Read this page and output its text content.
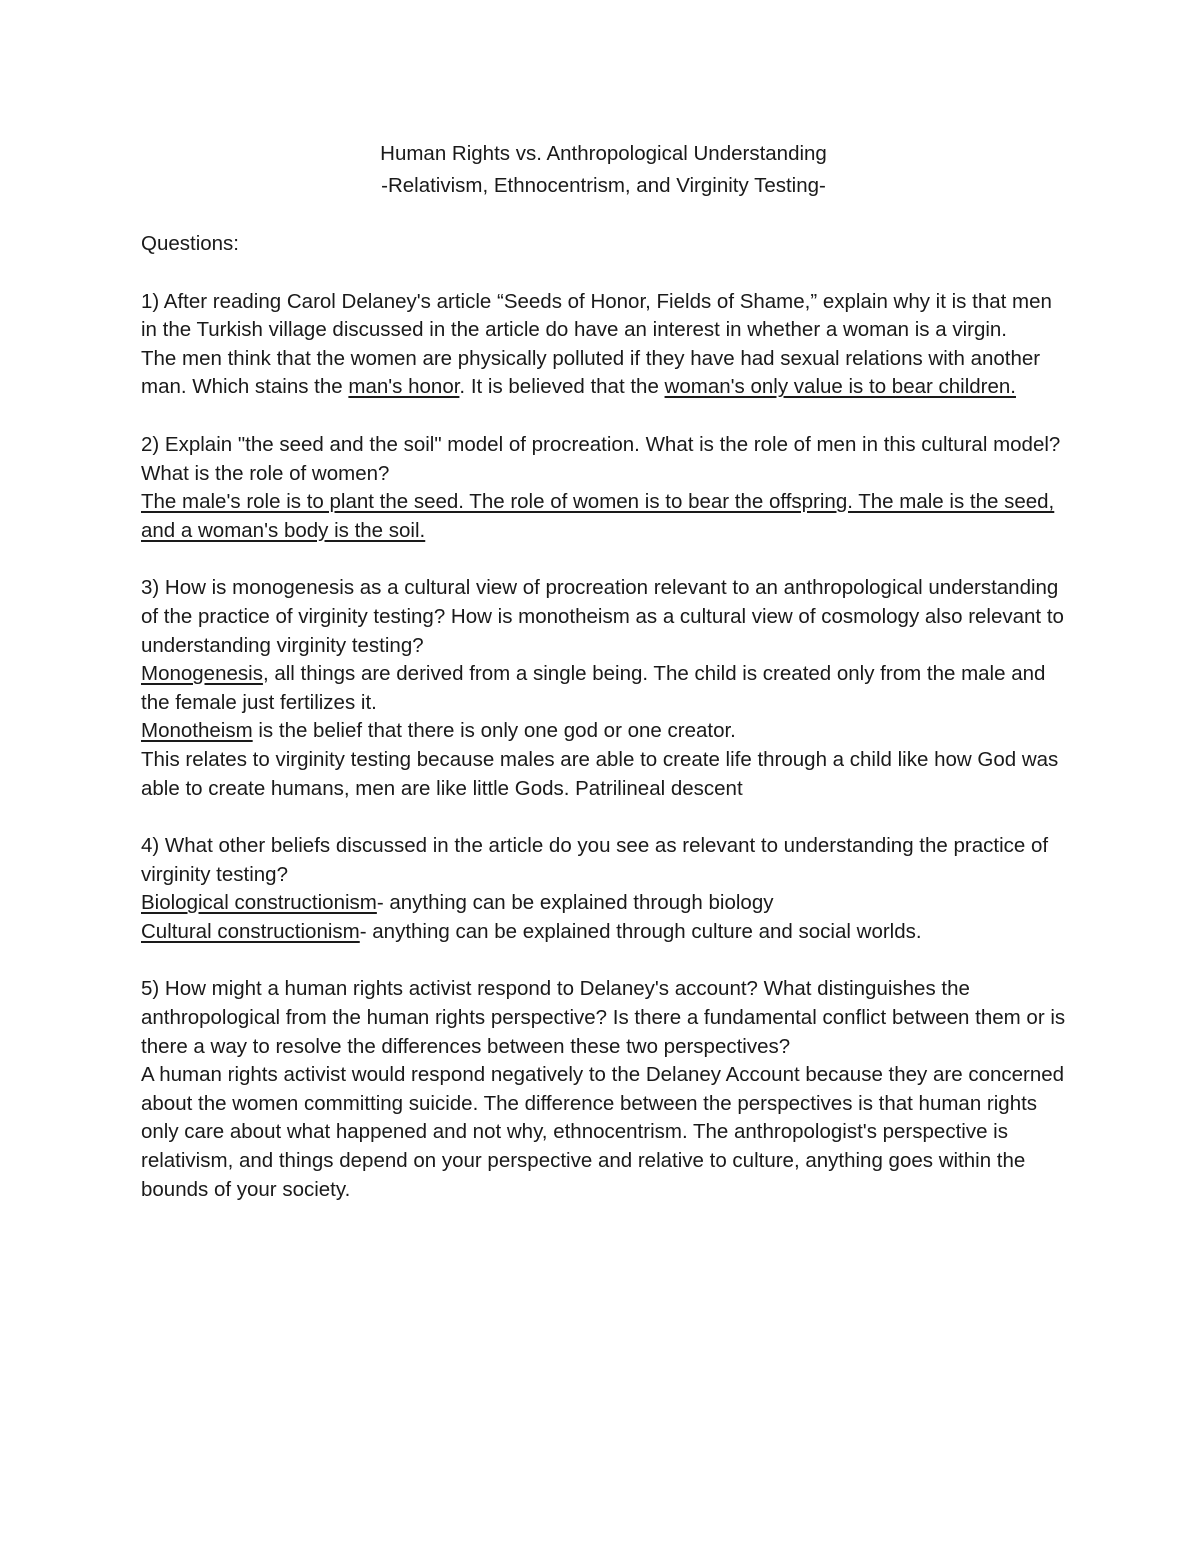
Human Rights vs. Anthropological Understanding

-Relativism, Ethnocentrism, and Virginity Testing-

Questions:

1) After reading Carol Delaney's article “Seeds of Honor, Fields of Shame,” explain why it is that men in the Turkish village discussed in the article do have an interest in whether a woman is a virgin.

The men think that the women are physically polluted if they have had sexual relations with another man. Which stains the man's honor. It is believed that the woman's only value is to bear children.

2) Explain "the seed and the soil" model of procreation. What is the role of men in this cultural model? What is the role of women?

The male's role is to plant the seed. The role of women is to bear the offspring. The male is the seed, and a woman's body is the soil.

3) How is monogenesis as a cultural view of procreation relevant to an anthropological understanding of the practice of virginity testing? How is monotheism as a cultural view of cosmology also relevant to understanding virginity testing?

Monogenesis, all things are derived from a single being. The child is created only from the male and the female just fertilizes it.

Monotheism is the belief that there is only one god or one creator.

This relates to virginity testing because males are able to create life through a child like how God was able to create humans, men are like little Gods. Patrilineal descent

4) What other beliefs discussed in the article do you see as relevant to understanding the practice of virginity testing?

Biological constructionism- anything can be explained through biology

Cultural constructionism- anything can be explained through culture and social worlds.

5) How might a human rights activist respond to Delaney's account? What distinguishes the anthropological from the human rights perspective? Is there a fundamental conflict between them or is there a way to resolve the differences between these two perspectives?

A human rights activist would respond negatively to the Delaney Account because they are concerned about the women committing suicide. The difference between the perspectives is that human rights only care about what happened and not why, ethnocentrism. The anthropologist's perspective is relativism, and things depend on your perspective and relative to culture, anything goes within the bounds of your society.
